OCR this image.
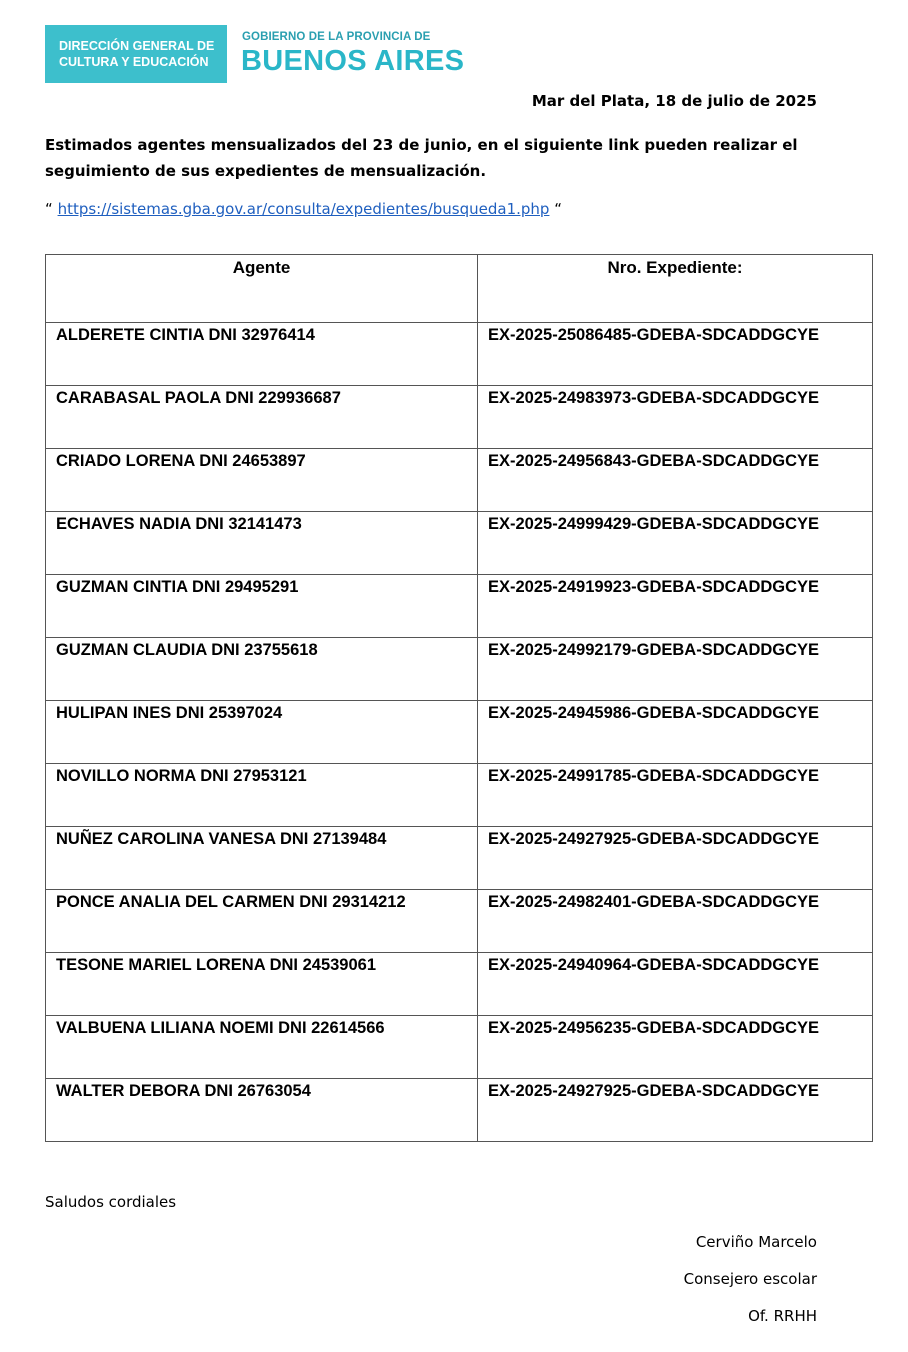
DIRECCIÓN GENERAL DE
CULTURA Y EDUCACIÓN
GOBIERNO DE LA PROVINCIA DE
BUENOS AIRES
Mar del Plata, 18 de julio de 2025
Estimados agentes mensualizados del 23 de junio, en el siguiente link pueden realizar el seguimiento de sus expedientes de mensualización.
“ https://sistemas.gba.gov.ar/consulta/expedientes/busqueda1.php “
Agente	Nro. Expediente:
ALDERETE CINTIA DNI 32976414	EX-2025-25086485-GDEBA-SDCADDGCYE
CARABASAL PAOLA DNI 229936687	EX-2025-24983973-GDEBA-SDCADDGCYE
CRIADO LORENA DNI 24653897	EX-2025-24956843-GDEBA-SDCADDGCYE
ECHAVES NADIA DNI 32141473	EX-2025-24999429-GDEBA-SDCADDGCYE
GUZMAN CINTIA DNI 29495291	EX-2025-24919923-GDEBA-SDCADDGCYE
GUZMAN CLAUDIA DNI 23755618	EX-2025-24992179-GDEBA-SDCADDGCYE
HULIPAN INES DNI 25397024	EX-2025-24945986-GDEBA-SDCADDGCYE
NOVILLO NORMA DNI 27953121	EX-2025-24991785-GDEBA-SDCADDGCYE
NUÑEZ CAROLINA VANESA DNI 27139484	EX-2025-24927925-GDEBA-SDCADDGCYE
PONCE ANALIA DEL CARMEN DNI 29314212	EX-2025-24982401-GDEBA-SDCADDGCYE
TESONE MARIEL LORENA DNI 24539061	EX-2025-24940964-GDEBA-SDCADDGCYE
VALBUENA LILIANA NOEMI DNI 22614566	EX-2025-24956235-GDEBA-SDCADDGCYE
WALTER DEBORA DNI 26763054	EX-2025-24927925-GDEBA-SDCADDGCYE
Saludos cordiales
Cerviño Marcelo
Consejero escolar
Of. RRHH
